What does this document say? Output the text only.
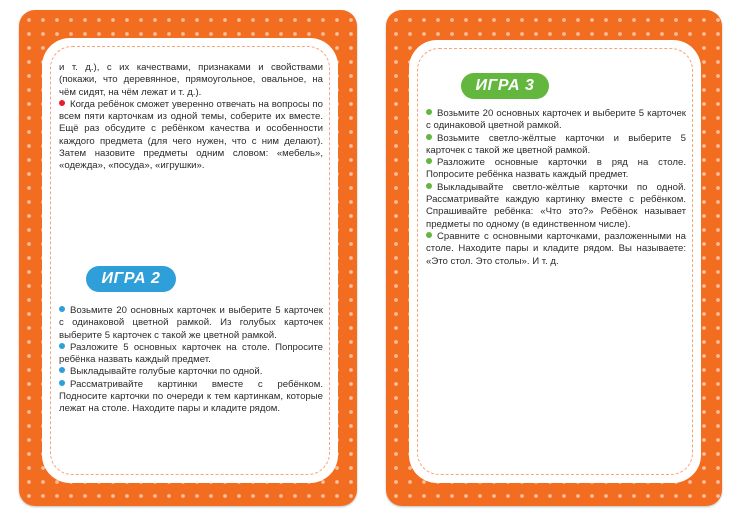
и т. д.), с их качествами, признаками и свойствами (покажи, что деревянное, прямоугольное, овальное, на чём сидят, на чём лежат и т. д.).

Когда ребёнок сможет уверенно отвечать на вопросы по всем пяти карточкам из одной темы, соберите их вместе. Ещё раз обсудите с ребёнком качества и особенности каждого предмета (для чего нужен, что с ним делают). Затем назовите предметы одним словом: «мебель», «одежда», «посуда», «игрушки».

ИГРА 2

Возьмите 20 основных карточек и выберите 5 карточек с одинаковой цветной рамкой. Из голубых карточек выберите 5 карточек с такой же цветной рамкой.

Разложите 5 основных карточек на столе. Попросите ребёнка назвать каждый предмет.

Выкладывайте голубые карточки по одной.

Рассматривайте картинки вместе с ребёнком. Подносите карточки по очереди к тем картинкам, которые лежат на столе. Находите пары и кладите рядом.

ИГРА 3

Возьмите 20 основных карточек и выберите 5 карточек с одинаковой цветной рамкой.

Возьмите светло-жёлтые карточки и выберите 5 карточек с такой же цветной рамкой.

Разложите основные карточки в ряд на столе. Попросите ребёнка назвать каждый предмет.

Выкладывайте светло-жёлтые карточки по одной. Рассматривайте каждую картинку вместе с ребёнком. Спрашивайте ребёнка: «Что это?» Ребёнок называет предметы по одному (в единственном числе).

Сравните с основными карточками, разложенными на столе. Находите пары и кладите рядом. Вы называете: «Это стол. Это столы». И т. д.
